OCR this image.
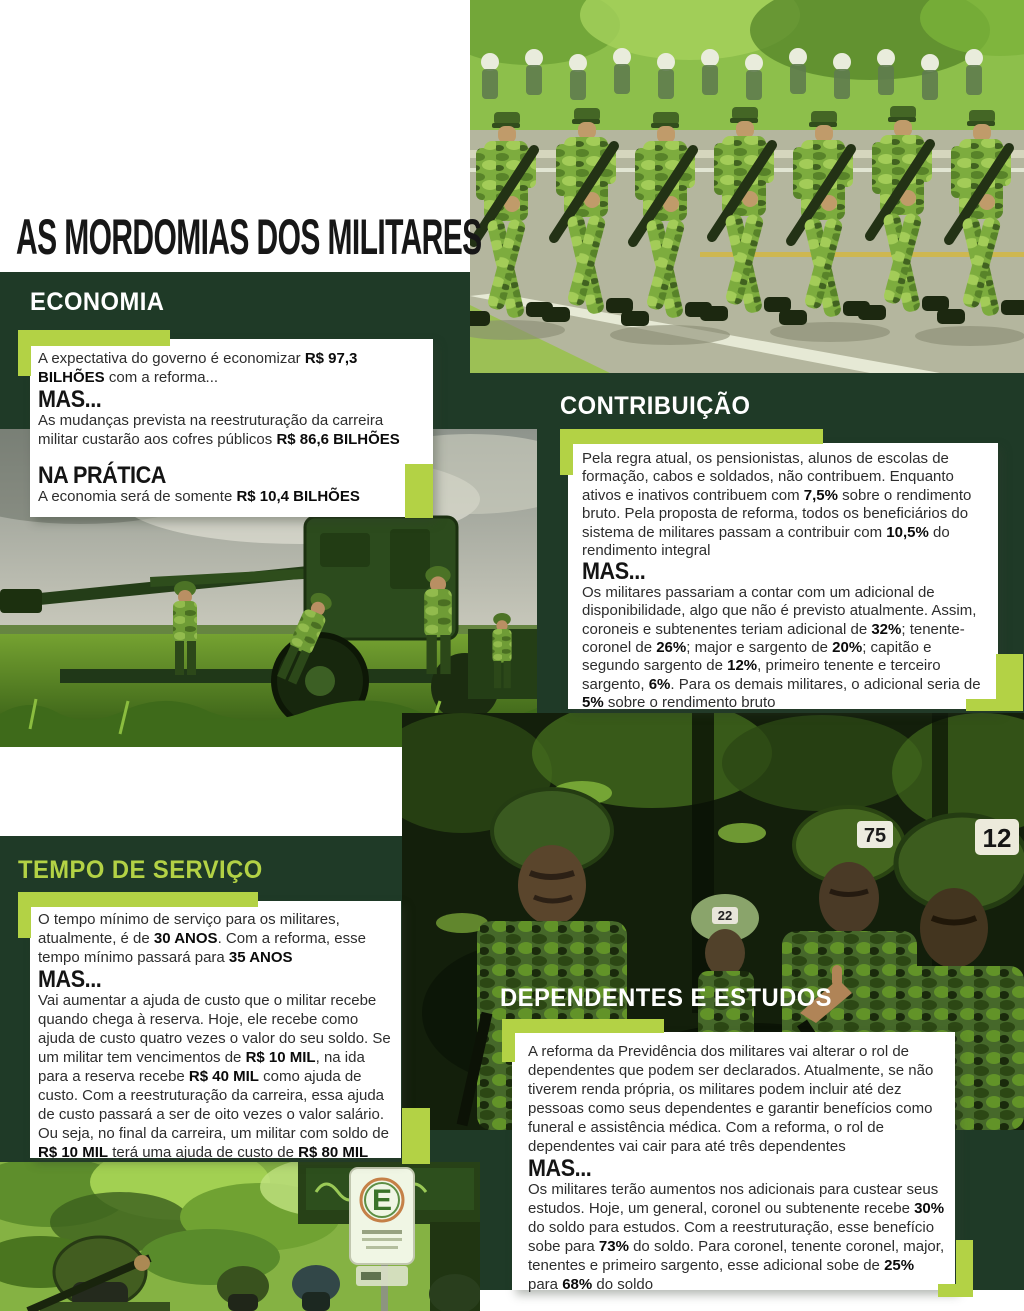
22
75	12
E
AS MORDOMIAS DOS MILITARES
ECONOMIA
CONTRIBUIÇÃO
TEMPO DE SERVIÇO
DEPENDENTES E ESTUDOS

A expectativa do governo é economizar R$ 97,3 BILHÕES com a reforma...

MAS...

As mudanças prevista na reestruturação da carreira militar custarão aos cofres públicos R$ 86,6 BILHÕES

NA PRÁTICA

A economia será de somente R$ 10,4 BILHÕES

Pela regra atual, os pensionistas, alunos de escolas de formação, cabos e soldados, não contribuem. Enquanto ativos e inativos contribuem com 7,5% sobre o rendimento bruto. Pela proposta de reforma, todos os beneficiários do sistema de militares passam a contribuir com 10,5% do rendimento integral

MAS...

Os militares passariam a contar com um adicional de disponibilidade, algo que não é previsto atualmente. Assim, coroneis e subtenentes teriam adicional de 32%; tenente-coronel de 26%; major e sargento de 20%; capitão e segundo sargento de 12%, primeiro tenente e terceiro sargento, 6%. Para os demais militares, o adicional seria de 5% sobre o rendimento bruto

O tempo mínimo de serviço para os militares, atualmente, é de 30 ANOS. Com a reforma, esse tempo mínimo passará para 35 ANOS

MAS...

Vai aumentar a ajuda de custo que o militar recebe quando chega à reserva. Hoje, ele recebe como ajuda de custo quatro vezes o valor do seu soldo. Se um militar tem vencimentos de R$ 10 MIL, na ida para a reserva recebe R$ 40 MIL como ajuda de custo. Com a reestruturação da carreira, essa ajuda de custo passará a ser de oito vezes o valor salário. Ou seja, no final da carreira, um militar com soldo de R$ 10 MIL terá uma ajuda de custo de R$ 80 MIL

A reforma da Previdência dos militares vai alterar o rol de dependentes que podem ser declarados. Atualmente, se não tiverem renda própria, os militares podem incluir até dez pessoas como seus dependentes e garantir benefícios como funeral e assistência médica. Com a reforma, o rol de dependentes vai cair para até três dependentes

MAS...

Os militares terão aumentos nos adicionais para custear seus estudos. Hoje, um general, coronel ou subtenente recebe 30% do soldo para estudos. Com a reestruturação, esse benefício sobe para 73% do soldo. Para coronel, tenente coronel, major, tenentes e primeiro sargento, esse adicional sobe de 25% para 68% do soldo
